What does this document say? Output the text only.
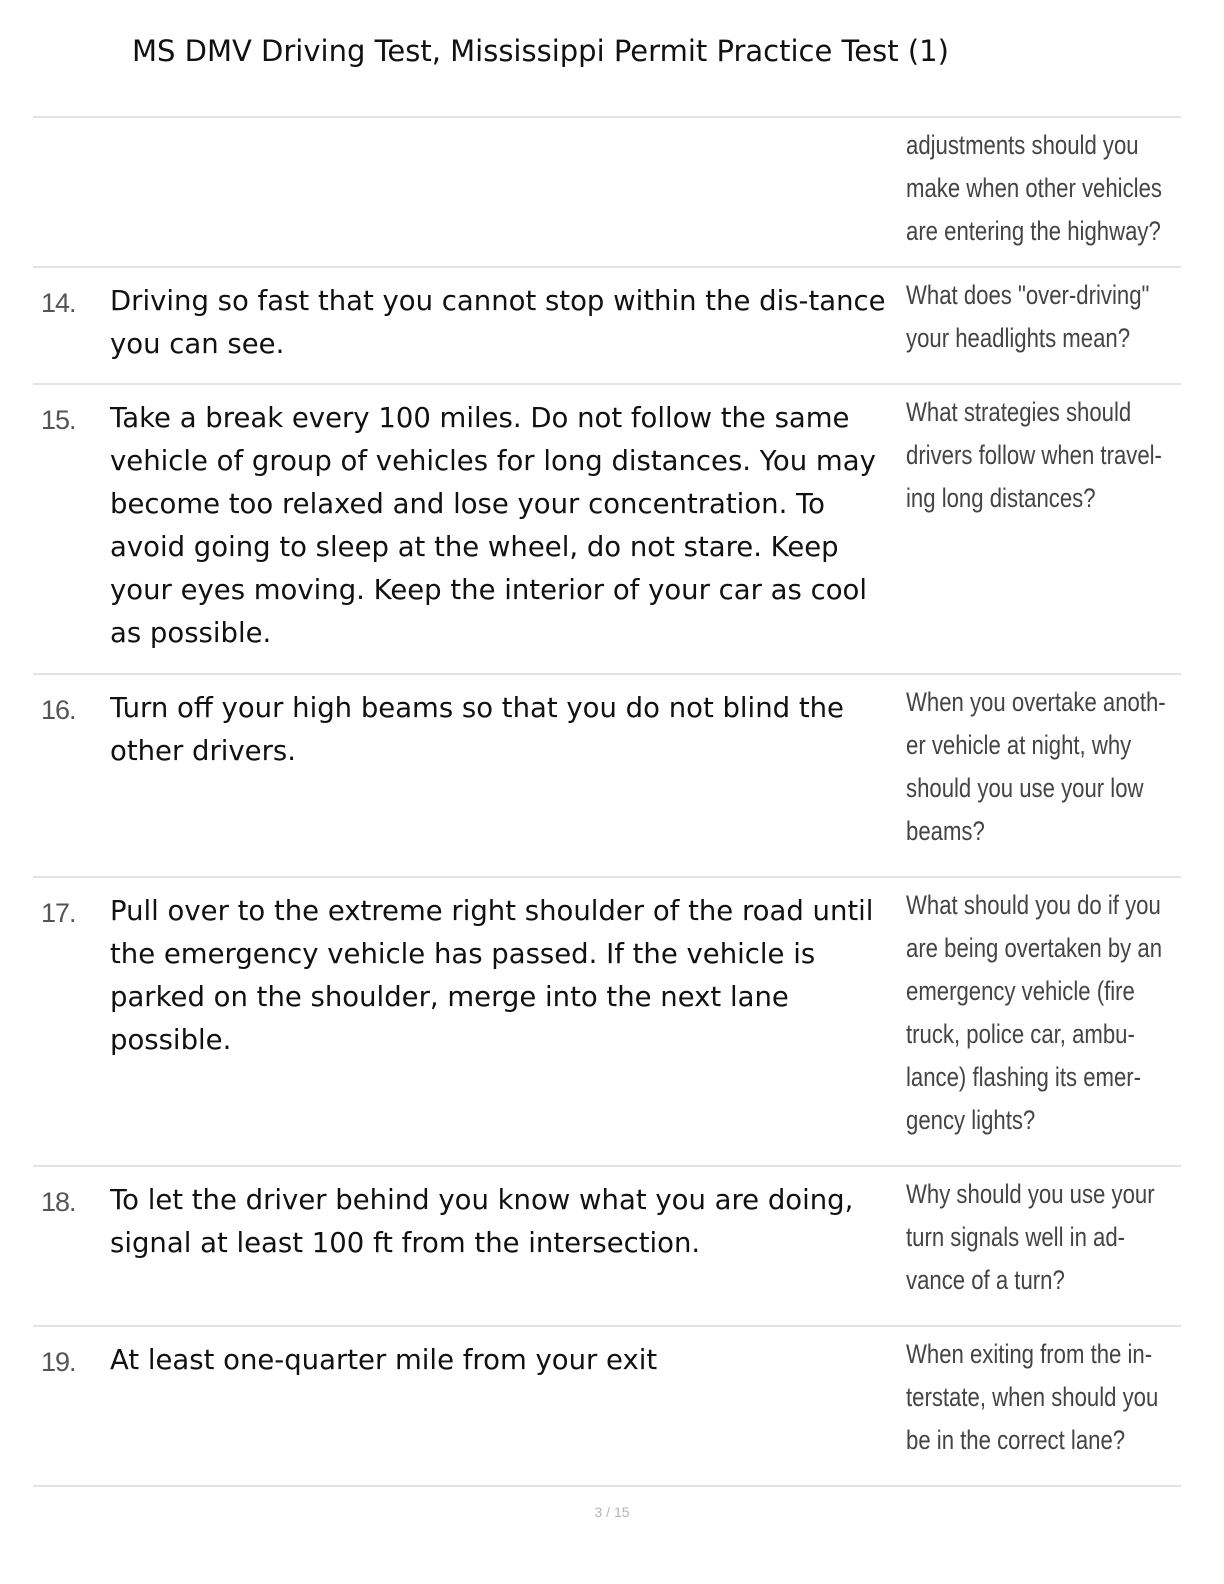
MS DMV Driving Test, Mississippi Permit Practice Test (1)
adjustments should you make when other vehicles are entering the highway?
14. Driving so fast that you cannot stop within the dis-tance you can see.
What does "over-driving" your headlights mean?
15. Take a break every 100 miles. Do not follow the same vehicle of group of vehicles for long distances. You may become too relaxed and lose your concentration. To avoid going to sleep at the wheel, do not stare. Keep your eyes moving. Keep the interior of your car as cool as possible.
What strategies should drivers follow when travel-ing long distances?
16. Turn off your high beams so that you do not blind the other drivers.
When you overtake anoth-er vehicle at night, why should you use your low beams?
17. Pull over to the extreme right shoulder of the road until the emergency vehicle has passed. If the vehicle is parked on the shoulder, merge into the next lane possible.
What should you do if you are being overtaken by an emergency vehicle (fire truck, police car, ambu-lance) flashing its emer-gency lights?
18. To let the driver behind you know what you are doing, signal at least 100 ft from the intersection.
Why should you use your turn signals well in ad-vance of a turn?
19. At least one-quarter mile from your exit	When exiting from the in-terstate, when should you be in the correct lane?
3 / 15
